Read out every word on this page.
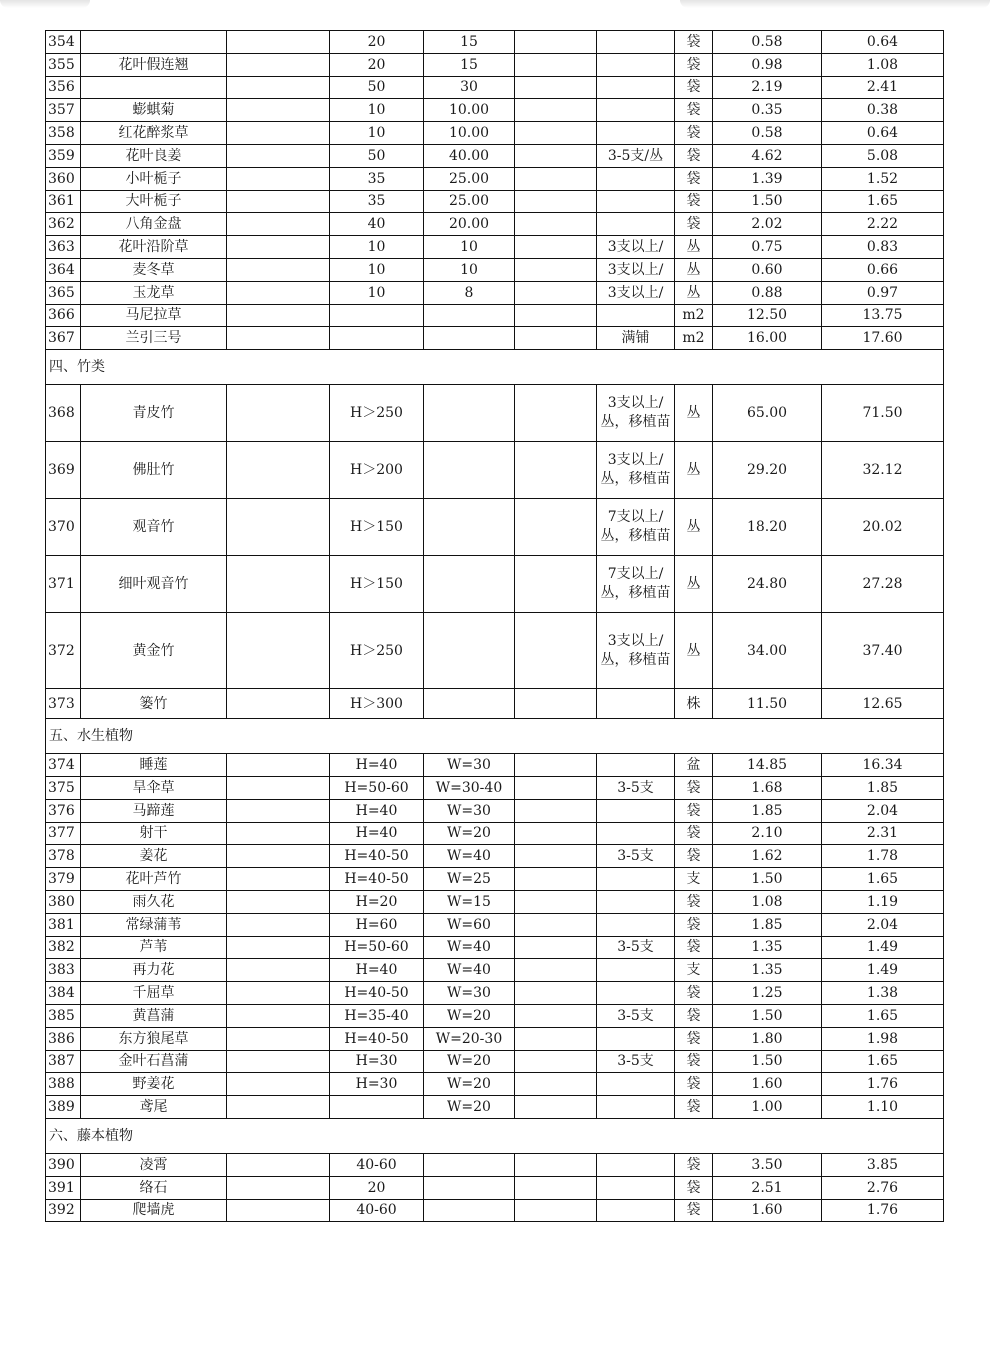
354			20	15			袋	0.58	0.64
355	花叶假连翘		20	15			袋	0.98	1.08
356			50	30			袋	2.19	2.41
357	蟛蜞菊		10	10.00			袋	0.35	0.38
358	红花醉浆草		10	10.00			袋	0.58	0.64
359	花叶良姜		50	40.00		3-5支/丛	袋	4.62	5.08
360	小叶栀子		35	25.00			袋	1.39	1.52
361	大叶栀子		35	25.00			袋	1.50	1.65
362	八角金盘		40	20.00			袋	2.02	2.22
363	花叶沿阶草		10	10		3支以上/	丛	0.75	0.83
364	麦冬草		10	10		3支以上/	丛	0.60	0.66
365	玉龙草		10	8		3支以上/	丛	0.88	0.97
366	马尼拉草						m2	12.50	13.75
367	兰引三号					满铺	m2	16.00	17.60
四、竹类									
368	青皮竹		H＞250			3支以上/丛，移植苗	丛	65.00	71.50
369	佛肚竹		H＞200			3支以上/丛，移植苗	丛	29.20	32.12
370	观音竹		H＞150			7支以上/丛，移植苗	丛	18.20	20.02
371	细叶观音竹		H＞150			7支以上/丛，移植苗	丛	24.80	27.28
372	黄金竹		H＞250			3支以上/丛，移植苗	丛	34.00	37.40
373	篓竹		H＞300				株	11.50	12.65
五、水生植物									
374	睡莲		H=40	W=30			盆	14.85	16.34
375	旱伞草		H=50-60	W=30-40		3-5支	袋	1.68	1.85
376	马蹄莲		H=40	W=30			袋	1.85	2.04
377	射干		H=40	W=20			袋	2.10	2.31
378	姜花		H=40-50	W=40		3-5支	袋	1.62	1.78
379	花叶芦竹		H=40-50	W=25			支	1.50	1.65
380	雨久花		H=20	W=15			袋	1.08	1.19
381	常绿蒲苇		H=60	W=60			袋	1.85	2.04
382	芦苇		H=50-60	W=40		3-5支	袋	1.35	1.49
383	再力花		H=40	W=40			支	1.35	1.49
384	千屈草		H=40-50	W=30			袋	1.25	1.38
385	黄菖蒲		H=35-40	W=20		3-5支	袋	1.50	1.65
386	东方狼尾草		H=40-50	W=20-30			袋	1.80	1.98
387	金叶石菖蒲		H=30	W=20		3-5支	袋	1.50	1.65
388	野姜花		H=30	W=20			袋	1.60	1.76
389	鸢尾			W=20			袋	1.00	1.10
六、藤本植物									
390	凌霄		40-60				袋	3.50	3.85
391	络石		20				袋	2.51	2.76
392	爬墙虎		40-60				袋	1.60	1.76
